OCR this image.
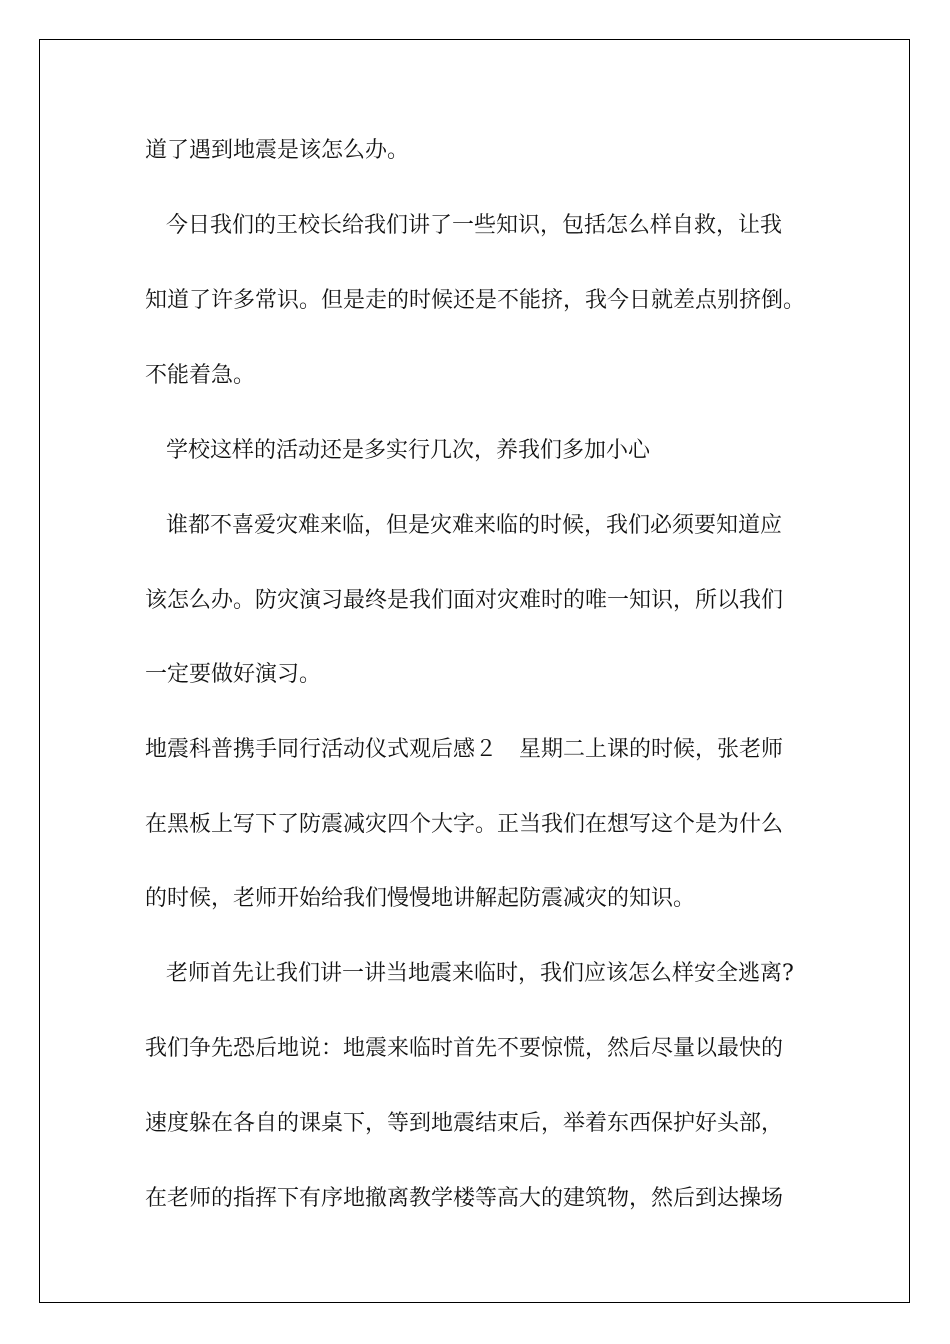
道了遇到地震是该怎么办。
今日我们的王校长给我们讲了一些知识，包括怎么样自救，让我
知道了许多常识。但是走的时候还是不能挤，我今日就差点别挤倒。
不能着急。
学校这样的活动还是多实行几次，养我们多加小心
谁都不喜爱灾难来临，但是灾难来临的时候，我们必须要知道应
该怎么办。防灾演习最终是我们面对灾难时的唯一知识，所以我们
一定要做好演习。
地震科普携手同行活动仪式观后感２　星期二上课的时候，张老师
在黑板上写下了防震减灾四个大字。正当我们在想写这个是为什么
的时候，老师开始给我们慢慢地讲解起防震减灾的知识。
老师首先让我们讲一讲当地震来临时，我们应该怎么样安全逃离?
我们争先恐后地说：地震来临时首先不要惊慌，然后尽量以最快的
速度躲在各自的课桌下，等到地震结束后，举着东西保护好头部，
在老师的指挥下有序地撤离教学楼等高大的建筑物，然后到达操场
